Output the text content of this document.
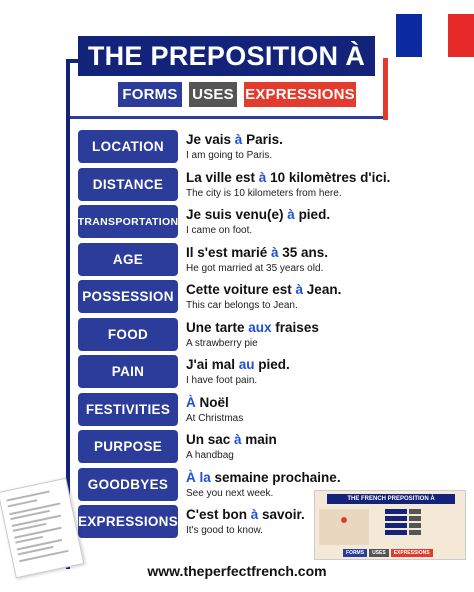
THE PREPOSITION À
FORMS USES EXPRESSIONS
LOCATION	Je vais à Paris.
I am going to Paris.
DISTANCE	La ville est à 10 kilomètres d'ici.
The city is 10 kilometers from here.
TRANSPORTATION Je suis venu(e) à pied.
I came on foot.
AGE	Il s'est marié à 35 ans.
He got married at 35 years old.
POSSESSION Cette voiture est à Jean.
This car belongs to Jean.
FOOD	Une tarte aux fraises
A strawberry pie
PAIN	J'ai mal au pied.
I have foot pain.
FESTIVITIES	À Noël
At Christmas
PURPOSE	Un sac à main
A handbag
GOODBYES	À la semaine prochaine.
See you next week.
EXPRESSIONS C'est bon à savoir.
It's good to know.
THE FRENCH PREPOSITION À
FORMS	USES	EXPRESSIONS
www.theperfectfrench.com
